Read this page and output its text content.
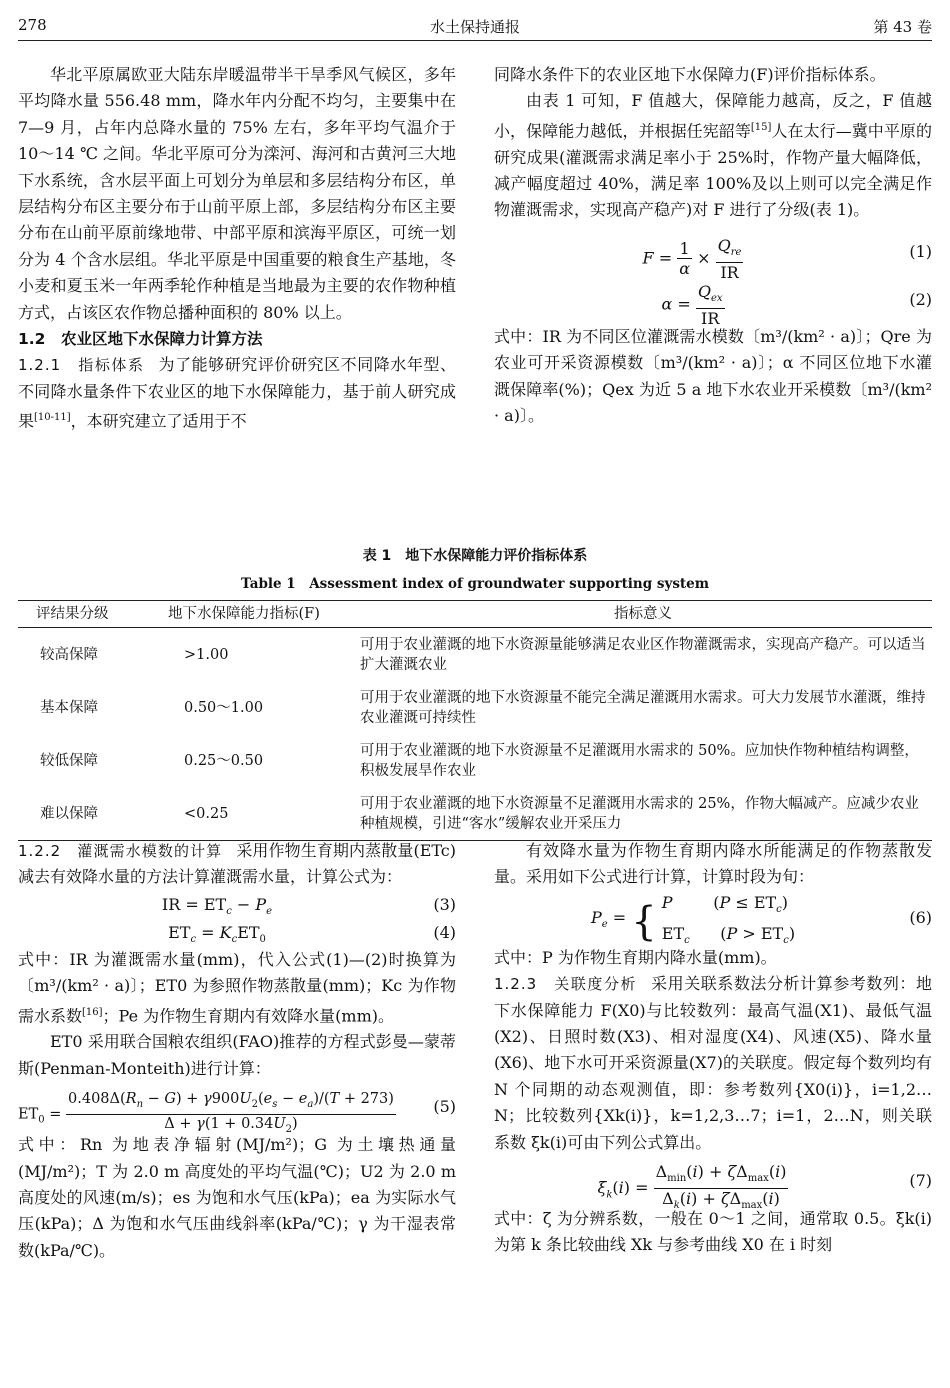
278	水土保持通报	第 43 卷

华北平原属欧亚大陆东岸暖温带半干旱季风气候区，多年平均降水量 556.48 mm，降水年内分配不均匀，主要集中在 7—9 月，占年内总降水量的 75% 左右，多年平均气温介于 10～14 ℃ 之间。华北平原可分为滦河、海河和古黄河三大地下水系统，含水层平面上可划分为单层和多层结构分布区，单层结构分布区主要分布于山前平原上部，多层结构分布区主要分布在山前平原前缘地带、中部平原和滨海平原区，可统一划分为 4 个含水层组。华北平原是中国重要的粮食生产基地，冬小麦和夏玉米一年两季轮作种植是当地最为主要的农作物种植方式，占该区农作物总播种面积的 80% 以上。

1.2　农业区地下水保障力计算方法

1.2.1　指标体系 为了能够研究评价研究区不同降水年型、不同降水量条件下农业区的地下水保障能力，基于前人研究成果[10-11]，本研究建立了适用于不

同降水条件下的农业区地下水保障力(F)评价指标体系。

由表 1 可知，F 值越大，保障能力越高，反之，F 值越小，保障能力越低，并根据任宪韶等[15]人在太行—冀中平原的研究成果(灌溉需求满足率小于 25%时，作物产量大幅降低，减产幅度超过 40%，满足率 100%及以上则可以完全满足作物灌溉需求，实现高产稳产)对 F 进行了分级(表 1)。

$F = \frac{1}{\alpha} \times \frac{Q_{re}}{IR}$	(1)
$\alpha = \frac{Q_{ex}}{IR}$	(2)

式中：IR 为不同区位灌溉需水模数〔m³/(km² · a)〕；Qre 为农业可开采资源模数〔m³/(km² · a)〕；α 不同区位地下水灌溉保障率(%)；Qex 为近 5 a 地下水农业开采模数〔m³/(km² · a)〕。

表 1　地下水保障能力评价指标体系
Table 1　Assessment index of groundwater supporting system
评结果分级	地下水保障能力指标(F)	指标意义
较高保障	>1.00	可用于农业灌溉的地下水资源量能够满足农业区作物灌溉需求，实现高产稳产。可以适当扩大灌溉农业
基本保障	0.50～1.00	可用于农业灌溉的地下水资源量不能完全满足灌溉用水需求。可大力发展节水灌溉，维持农业灌溉可持续性
较低保障	0.25～0.50	可用于农业灌溉的地下水资源量不足灌溉用水需求的 50%。应加快作物种植结构调整，积极发展旱作农业
难以保障	<0.25	可用于农业灌溉的地下水资源量不足灌溉用水需求的 25%，作物大幅减产。应减少农业种植规模，引进“客水”缓解农业开采压力

1.2.2　灌溉需水模数的计算 采用作物生育期内蒸散量(ETc)减去有效降水量的方法计算灌溉需水量，计算公式为：

IR = $ET_c - P_e$	(3)
$ET_c = K_cET_0$	(4)

式中：IR 为灌溉需水量(mm)，代入公式(1)—(2)时换算为〔m³/(km² · a)〕；ET0 为参照作物蒸散量(mm)；Kc 为作物需水系数[16]；Pe 为作物生育期内有效降水量(mm)。

ET0 采用联合国粮农组织(FAO)推荐的方程式彭曼—蒙蒂斯(Penman-Monteith)进行计算：

$ET_0 = \frac{0.408\Delta(R_n - G) + \gamma 900U_2(e_s - e_a)/(T + 273)}{\Delta + \gamma(1 + 0.34U_2)} (5)$

式中：Rn 为地表净辐射(MJ/m²)；G 为土壤热通量(MJ/m²)；T 为 2.0 m 高度处的平均气温(℃)；U2 为 2.0 m 高度处的风速(m/s)；es 为饱和水气压(kPa)；ea 为实际水气压(kPa)；Δ 为饱和水气压曲线斜率(kPa/℃)；γ 为干湿表常数(kPa/℃)。

有效降水量为作物生育期内降水所能满足的作物蒸散发量。采用如下公式进行计算，计算时段为旬：

$P_e$ = { P        $(P \le ET_c)$
$ET_c$      $(P > ET_c)$
(6)

式中：P 为作物生育期内降水量(mm)。

1.2.3　关联度分析 采用关联系数法分析计算参考数列：地下水保障能力 F(X0)与比较数列：最高气温(X1)、最低气温(X2)、日照时数(X3)、相对湿度(X4)、风速(X5)、降水量(X6)、地下水可开采资源量(X7)的关联度。假定每个数列均有 N 个同期的动态观测值，即：参考数列{X0(i)}，i=1,2…N；比较数列{Xk(i)}，k=1,2,3…7；i=1，2…N，则关联系数 ξk(i)可由下列公式算出。

$\xi_k(i) = \frac{\Delta_{min}(i) + \zeta\Delta_{max}(i)}{\Delta_k(i) + \zeta\Delta_{max}(i)}$	(7)

式中：ζ 为分辨系数，一般在 0～1 之间，通常取 0.5。ξk(i)为第 k 条比较曲线 Xk 与参考曲线 X0 在 i 时刻
